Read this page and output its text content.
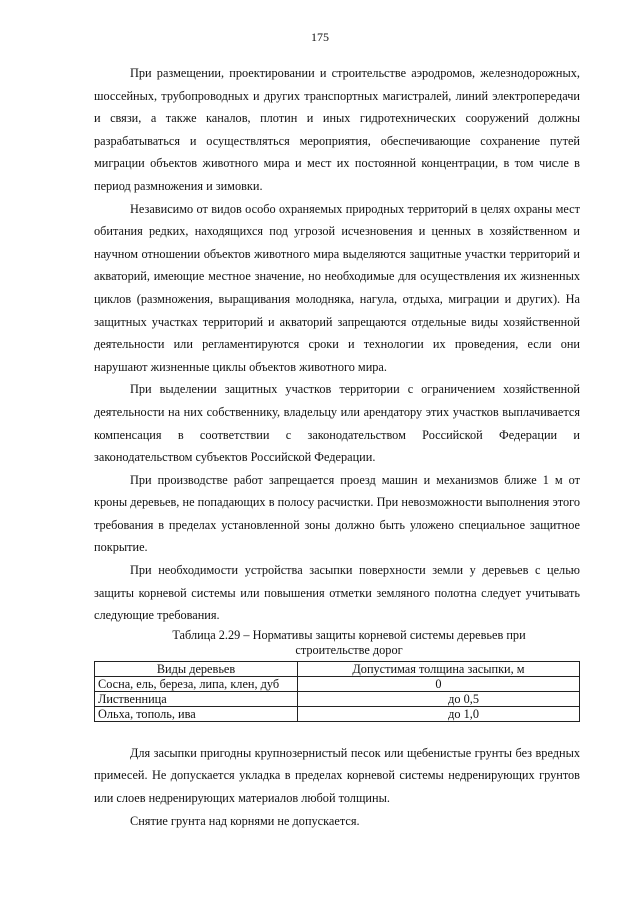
175

При размещении, проектировании и строительстве аэродромов, железнодорожных, шоссейных, трубопроводных и других транспортных магистралей, линий электропередачи и связи, а также каналов, плотин и иных гидротехнических сооружений должны разрабатываться и осуществляться мероприятия, обеспечивающие сохранение путей миграции объектов животного мира и мест их постоянной концентрации, в том числе в период размножения и зимовки.

Независимо от видов особо охраняемых природных территорий в целях охраны мест обитания редких, находящихся под угрозой исчезновения и ценных в хозяйственном и научном отношении объектов животного мира выделяются защитные участки территорий и акваторий, имеющие местное значение, но необходимые для осуществления их жизненных циклов (размножения, выращивания молодняка, нагула, отдыха, миграции и других). На защитных участках территорий и акваторий запрещаются отдельные виды хозяйственной деятельности или регламентируются сроки и технологии их проведения, если они нарушают жизненные циклы объектов животного мира.

При выделении защитных участков территории с ограничением хозяйственной деятельности на них собственнику, владельцу или арендатору этих участков выплачивается компенсация в соответствии с законодательством Российской Федерации и законодательством субъектов Российской Федерации.

При производстве работ запрещается проезд машин и механизмов ближе 1 м от кроны деревьев, не попадающих в полосу расчистки. При невозможности выполнения этого требования в пределах установленной зоны должно быть уложено специальное защитное покрытие.

При необходимости устройства засыпки поверхности земли у деревьев с целью защиты корневой системы или повышения отметки земляного полотна следует учитывать следующие требования.

Таблица 2.29 – Нормативы защиты корневой системы деревьев при
строительстве дорог
Виды деревьев	Допустимая толщина засыпки, м
Сосна, ель, береза, липа, клен, дуб	0
Лиственница	до 0,5
Ольха, тополь, ива	до 1,0

Для засыпки пригодны крупнозернистый песок или щебенистые грунты без вредных примесей. Не допускается укладка в пределах корневой системы недренирующих грунтов или слоев недренирующих материалов любой толщины.

Снятие грунта над корнями не допускается.
